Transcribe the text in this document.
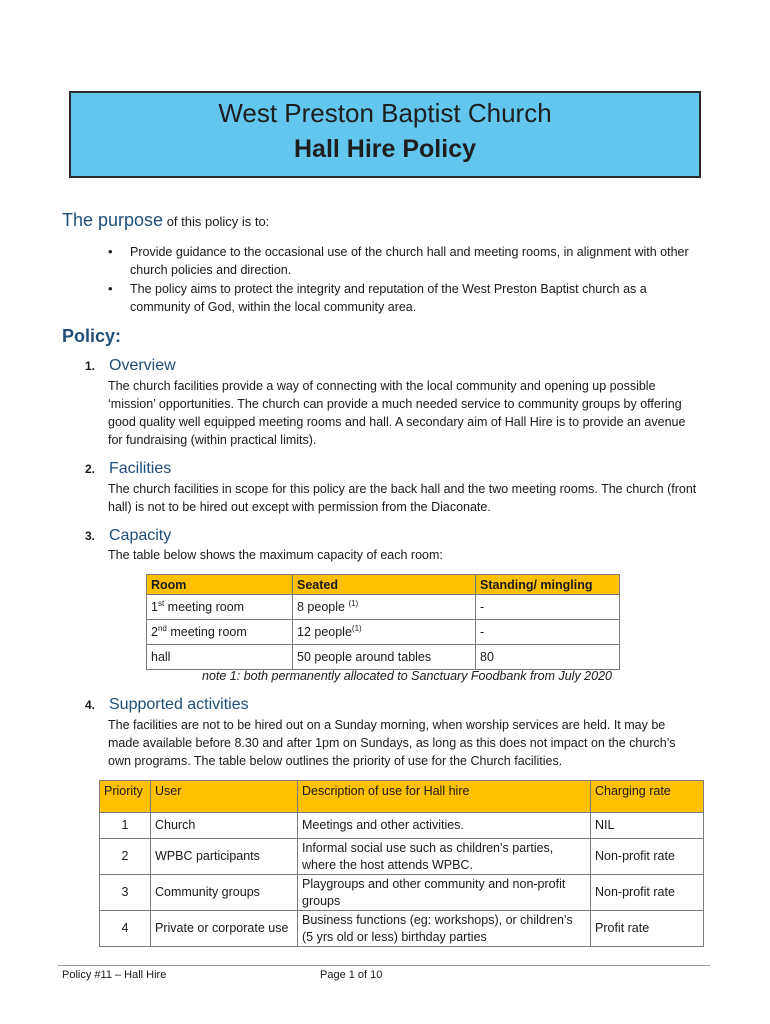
West Preston Baptist Church
Hall Hire Policy
The purpose of this policy is to:
• Provide guidance to the occasional use of the church hall and meeting rooms, in alignment with other church policies and direction.
• The policy aims to protect the integrity and reputation of the West Preston Baptist church as a community of God, within the local community area.
Policy:
1. Overview
The church facilities provide a way of connecting with the local community and opening up possible ‘mission’ opportunities. The church can provide a much needed service to community groups by offering good quality well equipped meeting rooms and hall. A secondary aim of Hall Hire is to provide an avenue for fundraising (within practical limits).
2. Facilities
The church facilities in scope for this policy are the back hall and the two meeting rooms. The church (front hall) is not to be hired out except with permission from the Diaconate.
3. Capacity
The table below shows the maximum capacity of each room:
Room	Seated	Standing/ mingling
1st meeting room	8 people $^{(1)}$	-
2nd meeting room	12 people$^{(1)}$	-
hall	50 people around tables	80
note 1: both permanently allocated to Sanctuary Foodbank from July 2020
4. Supported activities
The facilities are not to be hired out on a Sunday morning, when worship services are held. It may be made available before 8.30 and after 1pm on Sundays, as long as this does not impact on the church’s own programs. The table below outlines the priority of use for the Church facilities.
Priority	User	Description of use for Hall hire	Charging rate
1	Church	Meetings and other activities.	NIL
2	WPBC participants	Informal social use such as children’s parties, where the host attends WPBC.	Non-profit rate
3	Community groups	Playgroups and other community and non-profit groups	Non-profit rate
4	Private or corporate use	Business functions (eg: workshops), or children’s (5 yrs old or less) birthday parties	Profit rate
Policy #11 – Hall Hire	Page 1 of 10
